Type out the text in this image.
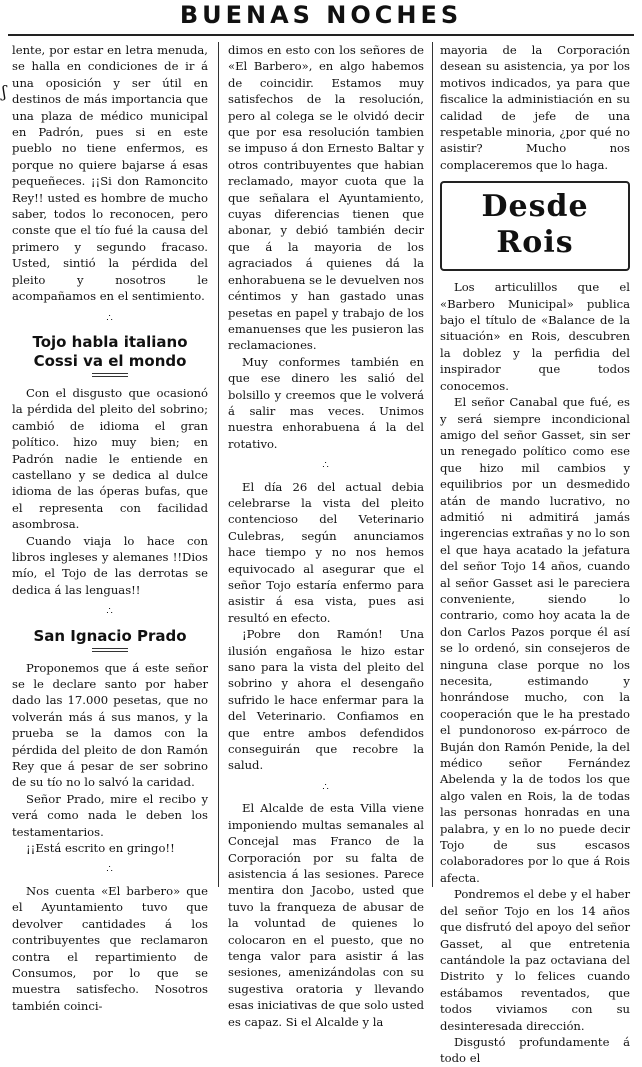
BUENAS NOCHES
ʃ

lente, por estar en letra menuda, se halla en condiciones de ir á una oposición y ser útil en destinos de más importancia que una plaza de médico municipal en Padrón, pues si en este pueblo no tiene enfermos, es porque no quiere bajarse á esas pequeñeces. ¡¡Si don Ramoncito Rey!! usted es hombre de mucho saber, todos lo reconocen, pero conste que el tío fué la causa del primero y segundo fracaso. Usted, sintió la pérdida del pleito y nosotros le acompañamos en el sentimiento.

∴
Tojo habla italiano
Cossi va el mondo

Con el disgusto que ocasionó la pérdida del pleito del sobrino; cambió de idioma el gran político. hizo muy bien; en Padrón nadie le entiende en castellano y se dedica al dulce idioma de las óperas bufas, que el representa con facilidad asombrosa.

Cuando viaja lo hace con libros ingleses y alemanes !!Dios mío, el Tojo de las derrotas se dedica á las lenguas!!

∴
San Ignacio Prado

Proponemos que á este señor se le declare santo por haber dado las 17.000 pesetas, que no volverán más á sus manos, y la prueba se la damos con la pérdida del pleito de don Ramón Rey que á pesar de ser sobrino de su tío no lo salvó la caridad.

Señor Prado, mire el recibo y verá como nada le deben los testamentarios.

¡¡Está escrito en gringo!!

∴

Nos cuenta «El barbero» que el Ayuntamiento tuvo que devolver cantidades á los contribuyentes que reclamaron contra el repartimiento de Consumos, por lo que se muestra satisfecho. Nosotros también coinci-

dimos en esto con los señores de «El Barbero», en algo habemos de coincidir. Estamos muy satisfechos de la resolución, pero al colega se le olvidó decir que por esa resolución tambien se impuso á don Ernesto Baltar y otros contribuyentes que habian reclamado, mayor cuota que la que señalara el Ayuntamiento, cuyas diferencias tienen que abonar, y debió también decir que á la mayoria de los agraciados á quienes dá la enhorabuena se le devuelven nos céntimos y han gastado unas pesetas en papel y trabajo de los emanuenses que les pusieron las reclamaciones.

Muy conformes también en que ese dinero les salió del bolsillo y creemos que le volverá á salir mas veces. Unimos nuestra enhorabuena á la del rotativo.

∴

El día 26 del actual debia celebrarse la vista del pleito contencioso del Veterinario Culebras, según anunciamos hace tiempo y no nos hemos equivocado al asegurar que el señor Tojo estaría enfermo para asistir á esa vista, pues asi resultó en efecto.

¡Pobre don Ramón! Una ilusión engañosa le hizo estar sano para la vista del pleito del sobrino y ahora el desengaño sufrido le hace enfermar para la del Veterinario. Confiamos en que entre ambos defendidos conseguirán que recobre la salud.

∴

El Alcalde de esta Villa viene imponiendo multas semanales al Concejal mas Franco de la Corporación por su falta de asistencia á las sesiones. Parece mentira don Jacobo, usted que tuvo la franqueza de abusar de la voluntad de quienes lo colocaron en el puesto, que no tenga valor para asistir á las sesiones, amenizándolas con su sugestiva oratoria y llevando esas iniciativas de que solo usted es capaz. Si el Alcalde y la

mayoria de la Corporación desean su asistencia, ya por los motivos indicados, ya para que fiscalice la administiación en su calidad de jefe de una respetable minoria, ¿por qué no asistir? Mucho nos complaceremos que lo haga.

Desde Rois

Los articulillos que el «Barbero Municipal» publica bajo el título de «Balance de la situación» en Rois, descubren la doblez y la perfidia del inspirador que todos conocemos.

El señor Canabal que fué, es y será siempre incondicional amigo del señor Gasset, sin ser un renegado político como ese que hizo mil cambios y equilibrios por un desmedido atán de mando lucrativo, no admitió ni admitirá jamás ingerencias extrañas y no lo son el que haya acatado la jefatura del señor Tojo 14 años, cuando al señor Gasset asi le pareciera conveniente, siendo lo contrario, como hoy acata la de don Carlos Pazos porque él así se lo ordenó, sin consejeros de ninguna clase porque no los necesita, estimando y honrándose mucho, con la cooperación que le ha prestado el pundonoroso ex-párroco de Buján don Ramón Penide, la del médico señor Fernández Abelenda y la de todos los que algo valen en Rois, la de todas las personas honradas en una palabra, y en lo no puede decir Tojo de sus escasos colaboradores por lo que á Rois afecta.

Pondremos el debe y el haber del señor Tojo en los 14 años que disfrutó del apoyo del señor Gasset, al que entretenia cantándole la paz octaviana del Distrito y lo felices cuando estábamos reventados, que todos viviamos con su desinteresada dirección.

Disgustó profundamente á todo el
